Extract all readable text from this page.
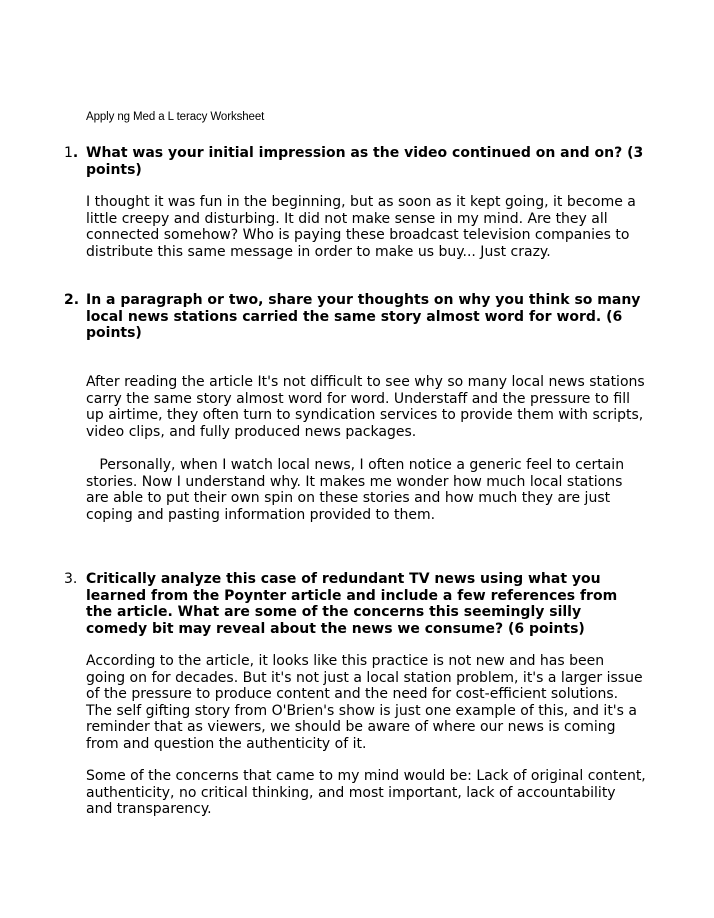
Apply ng Med a L teracy Worksheet
1. What was your initial impression as the video continued on and on? (3 points)

I thought it was fun in the beginning, but as soon as it kept going, it become a little creepy and disturbing. It did not make sense in my mind. Are they all connected somehow? Who is paying these broadcast television companies to distribute this same message in order to make us buy... Just crazy.

2. In a paragraph or two, share your thoughts on why you think so many local news stations carried the same story almost word for word. (6 points)

After reading the article It's not difficult to see why so many local news stations carry the same story almost word for word. Understaff and the pressure to fill up airtime, they often turn to syndication services to provide them with scripts, video clips, and fully produced news packages.

Personally, when I watch local news, I often notice a generic feel to certain stories. Now I understand why. It makes me wonder how much local stations are able to put their own spin on these stories and how much they are just coping and pasting information provided to them.

3. Critically analyze this case of redundant TV news using what you learned from the Poynter article and include a few references from the article. What are some of the concerns this seemingly silly comedy bit may reveal about the news we consume? (6 points)

According to the article, it looks like this practice is not new and has been going on for decades. But it's not just a local station problem, it's a larger issue of the pressure to produce content and the need for cost-efficient solutions. The self gifting story from O'Brien's show is just one example of this, and it's a reminder that as viewers, we should be aware of where our news is coming from and question the authenticity of it.

Some of the concerns that came to my mind would be: Lack of original content, authenticity, no critical thinking, and most important, lack of accountability and transparency.
